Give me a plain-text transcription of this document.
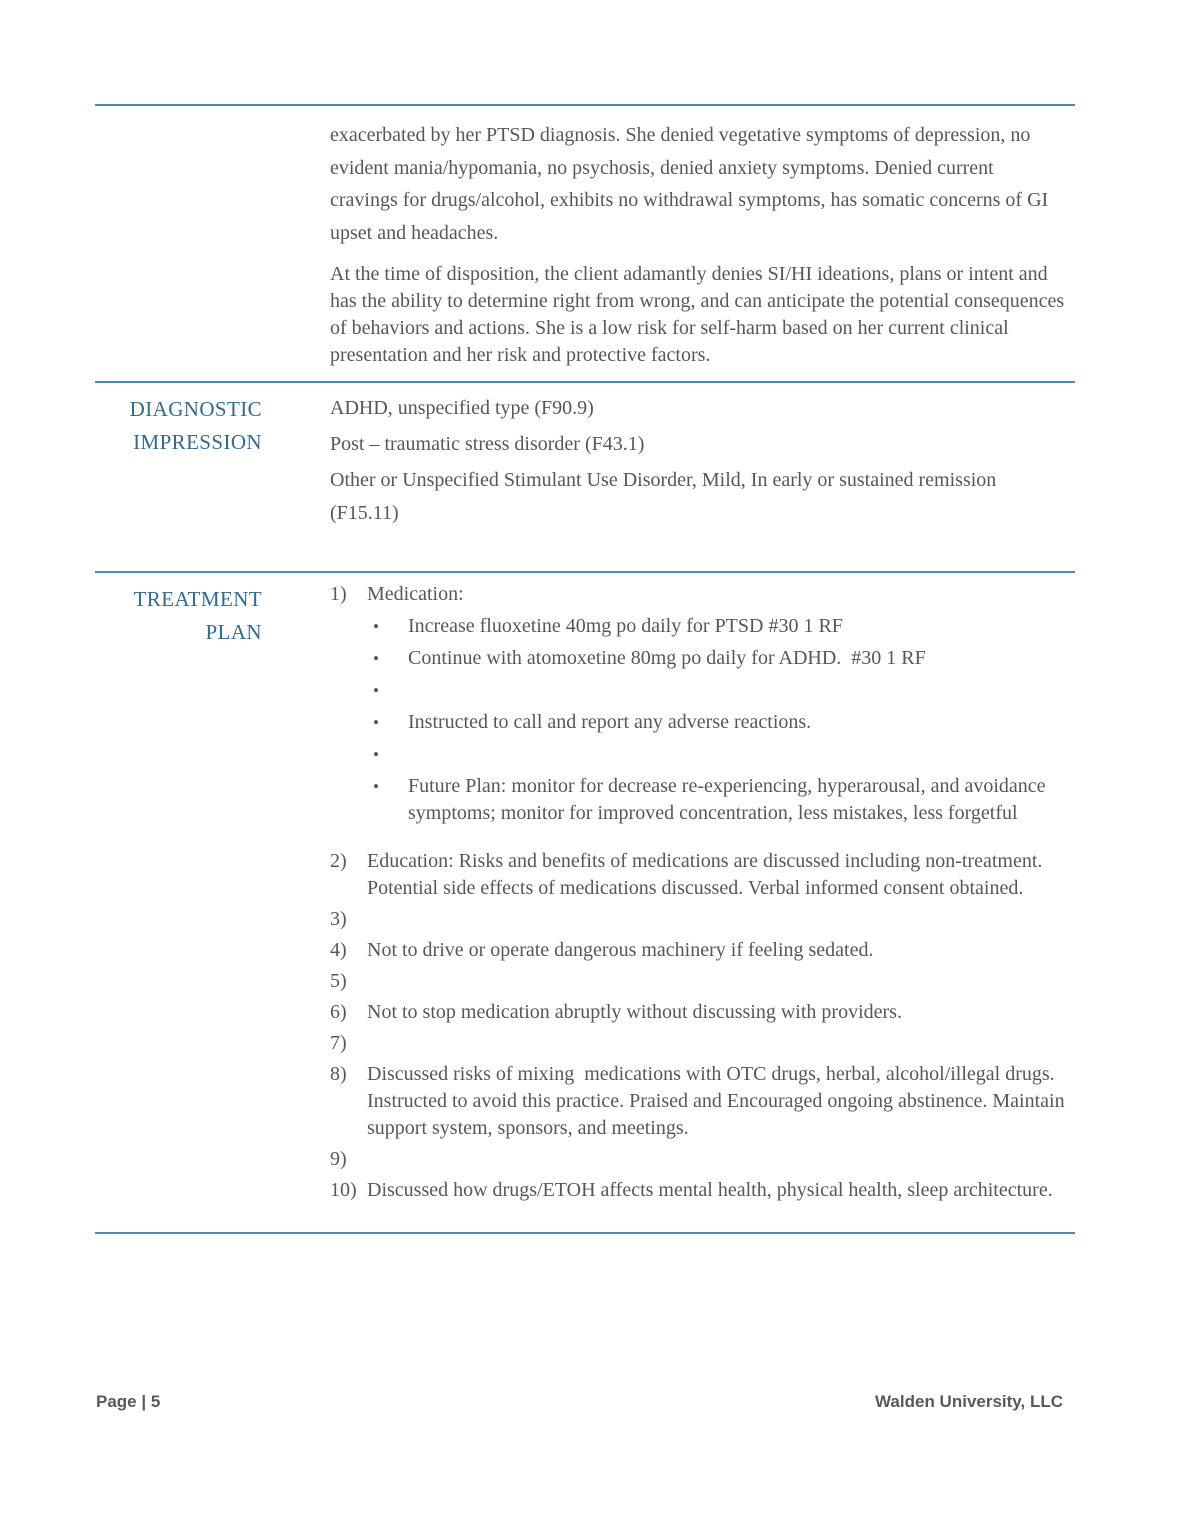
exacerbated by her PTSD diagnosis. She denied vegetative symptoms of depression, no evident mania/hypomania, no psychosis, denied anxiety symptoms. Denied current cravings for drugs/alcohol, exhibits no withdrawal symptoms, has somatic concerns of GI upset and headaches.

At the time of disposition, the client adamantly denies SI/HI ideations, plans or intent and has the ability to determine right from wrong, and can anticipate the potential consequences of behaviors and actions. She is a low risk for self-harm based on her current clinical presentation and her risk and protective factors.

DIAGNOSTIC IMPRESSION

ADHD, unspecified type (F90.9)

Post – traumatic stress disorder (F43.1)

Other or Unspecified Stimulant Use Disorder, Mild, In early or sustained remission (F15.11)

TREATMENT PLAN
1)	Medication:
•
Increase fluoxetine 40mg po daily for PTSD #30 1 RF
•
Continue with atomoxetine 80mg po daily for ADHD.  #30 1 RF
•
•
Instructed to call and report any adverse reactions.
•
•
Future Plan: monitor for decrease re-experiencing, hyperarousal, and avoidance symptoms; monitor for improved concentration, less mistakes, less forgetful
2)	Education: Risks and benefits of medications are discussed including non-treatment. Potential side effects of medications discussed. Verbal informed consent obtained.
3)
4)	Not to drive or operate dangerous machinery if feeling sedated.
5)
6)	Not to stop medication abruptly without discussing with providers.
7)
8)	Discussed risks of mixing  medications with OTC drugs, herbal, alcohol/illegal drugs. Instructed to avoid this practice. Praised and Encouraged ongoing abstinence. Maintain support system, sponsors, and meetings.
9)
10) Discussed how drugs/ETOH affects mental health, physical health, sleep architecture.
Page | 5	Walden University, LLC
